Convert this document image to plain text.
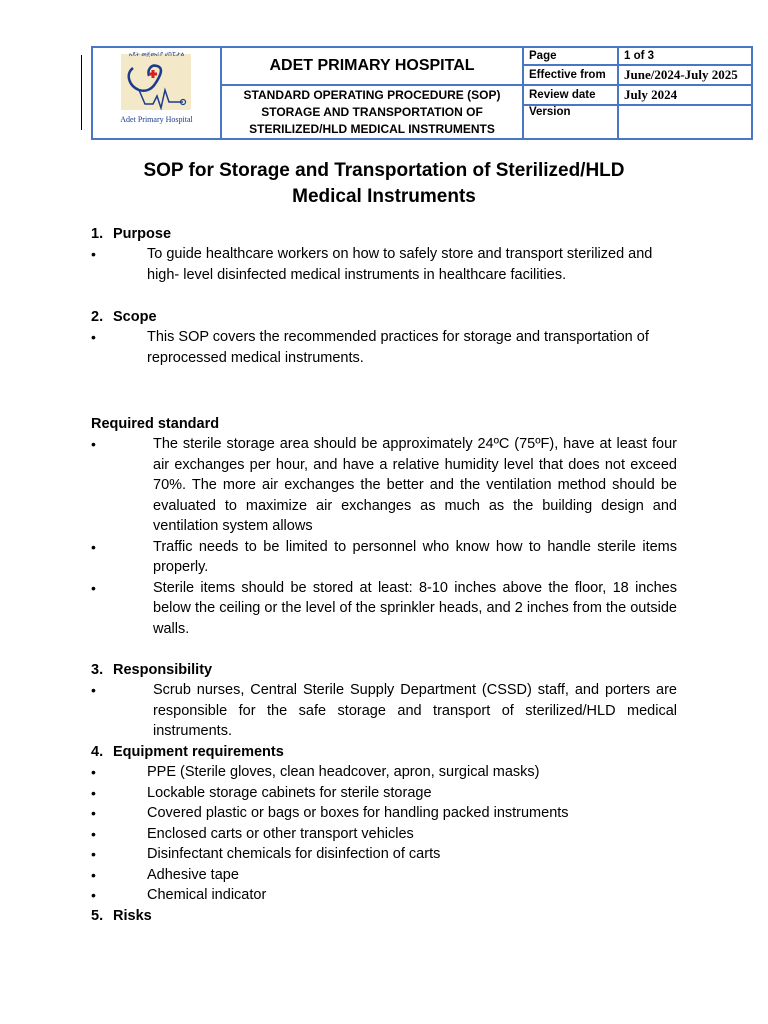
አዴት መጀመሪያ ሆስፒታል
Adet Primary Hospital	ADET PRIMARY HOSPITAL	Page	1 of 3
		Effective from	June/2024-July 2025

	STANDARD OPERATING PROCEDURE (SOP)
STORAGE AND TRANSPORTATION OF
STERILIZED/HLD MEDICAL INSTRUMENTS	Review date	July 2024
		Version	
SOP for Storage and Transportation of Sterilized/HLD
Medical Instruments
1. Purpose
•	To guide healthcare workers on how to safely store and transport sterilized and high- level disinfected medical instruments in healthcare facilities.
2. Scope
•	This SOP covers the recommended practices for storage and transportation of reprocessed medical instruments.
Required standard
•	The sterile storage area should be approximately 24ºC (75ºF), have at least four air exchanges per hour, and have a relative humidity level that does not exceed 70%. The more air exchanges the better and the ventilation method should be evaluated to maximize air exchanges as much as the building design and ventilation system allows
•	Traffic needs to be limited to personnel who know how to handle sterile items properly.
•	Sterile items should be stored at least: 8-10 inches above the floor, 18 inches below the ceiling or the level of the sprinkler heads, and 2 inches from the outside walls.
3. Responsibility
•	Scrub nurses, Central Sterile Supply Department (CSSD) staff, and porters are responsible for the safe storage and transport of sterilized/HLD medical instruments.
4. Equipment requirements
•	PPE (Sterile gloves, clean headcover, apron, surgical masks)
•	Lockable storage cabinets for sterile storage
•	Covered plastic or bags or boxes for handling packed instruments
•	Enclosed carts or other transport vehicles
•	Disinfectant chemicals for disinfection of carts
•	Adhesive tape
•	Chemical indicator
5. Risks
